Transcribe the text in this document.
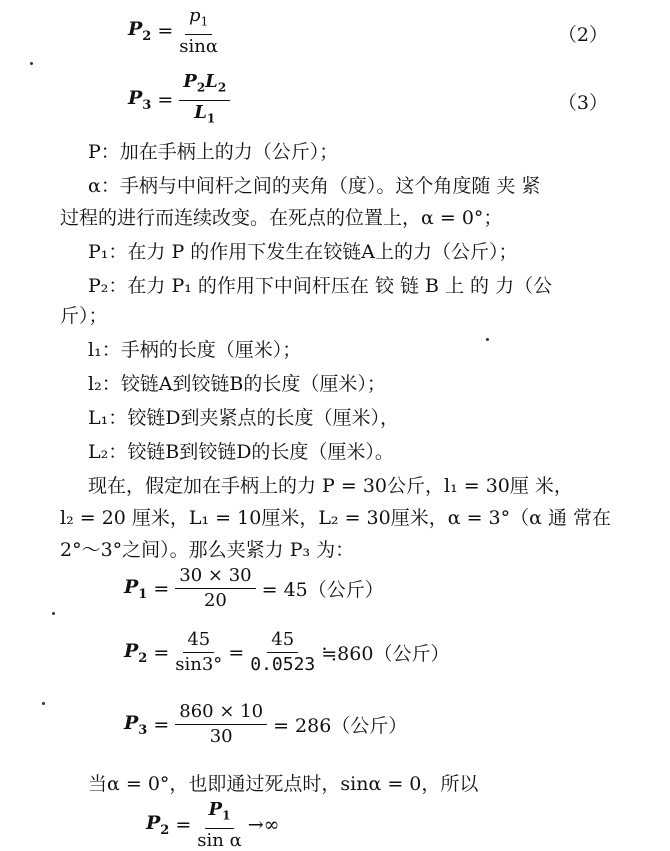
$P_2 = \frac{p_1}{\sin\alpha}$	（2）
$P_3 = \frac{P_2L_2}{L_1}$	（3）
P：加在手柄上的力（公斤）；
α：手柄与中间杆之间的夹角（度）。这个角度随 夹 紧
过程的进行而连续改变。在死点的位置上，α = 0°；
P₁：在力 P 的作用下发生在铰链A上的力（公斤）；
P₂：在力 P₁ 的作用下中间杆压在 铰 链 B 上 的 力（公
斤）；
l₁：手柄的长度（厘米）；
l₂：铰链A到铰链B的长度（厘米）；
L₁：铰链D到夹紧点的长度（厘米），
L₂：铰链B到铰链D的长度（厘米）。
现在，假定加在手柄上的力 P = 30公斤，l₁ = 30厘 米，
l₂ = 20 厘米，L₁ = 10厘米，L₂ = 30厘米，α = 3°（α 通 常在
2°～3°之间）。那么夹紧力 P₃ 为：
$P_1 = \frac{30 \times 30}{20} = 45$（公斤）
$P_2 = \frac{45}{\sin 3^\circ} = \frac{45}{0.0523}$ ≒860（公斤）
$P_3 = \frac{860 \times 10}{30} = 286$（公斤）
当α = 0°，也即通过死点时，sinα = 0，所以
$P_2 = \frac{P_1}{\text{sin α}}$ →∞
